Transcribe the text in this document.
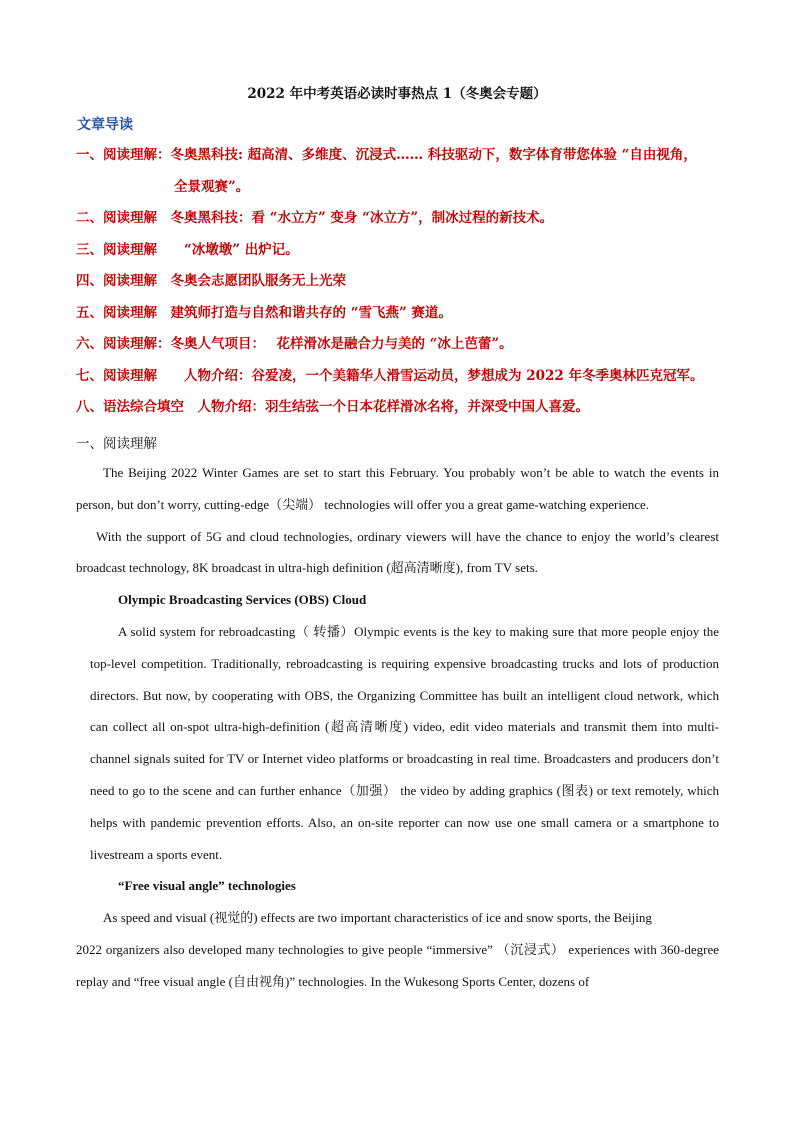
2022 年中考英语必读时事热点 1（冬奥会专题）
文章导读
一、阅读理解：冬奥黑科技: 超高清、多维度、沉浸式…… 科技驱动下，数字体育带您体验 “自由视角，
全景观赛”。
二、阅读理解　冬奥黑科技：看 “水立方” 变身 “冰立方”，制冰过程的新技术。
三、阅读理解　　“冰墩墩” 出炉记。
四、阅读理解　冬奥会志愿团队服务无上光荣
五、阅读理解　建筑师打造与自然和谐共存的 “雪飞燕” 赛道。
六、阅读理解：冬奥人气项目：　 花样滑冰是融合力与美的 “冰上芭蕾”。
七、阅读理解　　人物介绍：谷爱凌，一个美籍华人滑雪运动员，梦想成为 2022 年冬季奥林匹克冠军。
八、语法综合填空　人物介绍：羽生结弦一个日本花样滑冰名将，并深受中国人喜爱。
一、阅读理解

The Beijing 2022 Winter Games are set to start this February. You probably won’t be able to watch the events in person, but don’t worry, cutting-edge（尖端） technologies will offer you a great game-watching experience.

With the support of 5G and cloud technologies, ordinary viewers will have the chance to enjoy the world’s clearest broadcast technology, 8K broadcast in ultra-high definition (超高清晰度), from TV sets.

Olympic Broadcasting Services (OBS) Cloud

A solid system for rebroadcasting（ 转播）Olympic events is the key to making sure that more people enjoy the top-level competition. Traditionally, rebroadcasting is requiring expensive broadcasting trucks and lots of production directors. But now, by cooperating with OBS, the Organizing Committee has built an intelligent cloud network, which can collect all on-spot ultra-high-definition (超高清晰度) video, edit video materials and transmit them into multi-channel signals suited for TV or Internet video platforms or broadcasting in real time. Broadcasters and producers don’t need to go to the scene and can further enhance（加强） the video by adding graphics (图表) or text remotely, which helps with pandemic prevention efforts. Also, an on-site reporter can now use one small camera or a smartphone to livestream a sports event.

“Free visual angle” technologies

As speed and visual (视觉的) effects are two important characteristics of ice and snow sports, the Beijing

2022 organizers also developed many technologies to give people “immersive” （沉浸式） experiences with 360-degree replay and “free visual angle (自由视角)” technologies. In the Wukesong Sports Center, dozens of
